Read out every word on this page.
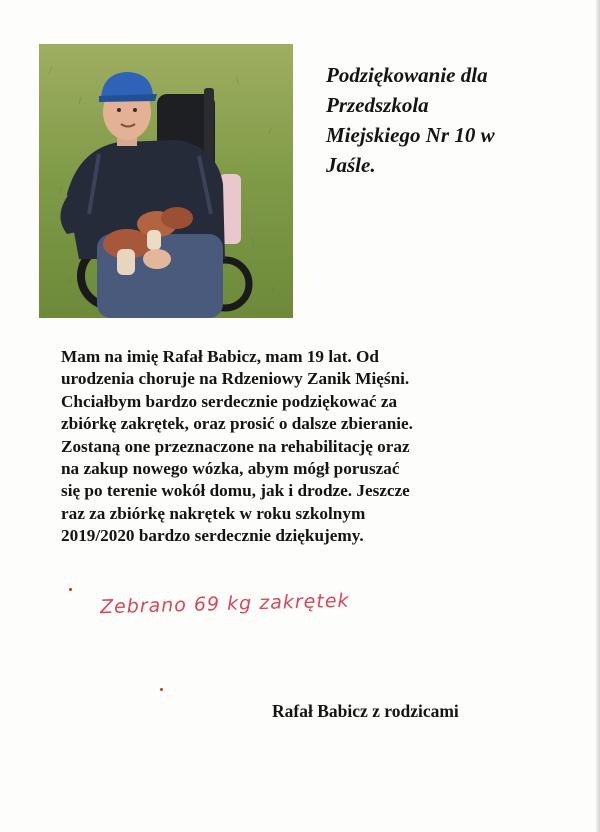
Podziękowanie dla
Przedszkola
Miejskiego Nr 10 w
Jaśle.

Mam na imię Rafał Babicz, mam 19 lat. Od
urodzenia choruje na Rdzeniowy Zanik Mięśni.
Chciałbym bardzo serdecznie podziękować za
zbiórkę zakrętek, oraz prosić o dalsze zbieranie.
Zostaną one przeznaczone na rehabilitację oraz
na zakup nowego wózka, abym mógł poruszać
się po terenie wokół domu, jak i drodze. Jeszcze
raz za zbiórkę nakrętek w roku szkolnym
2019/2020 bardzo serdecznie dziękujemy.

Zebrano 69 kg zakrętek
Rafał Babicz z rodzicami
